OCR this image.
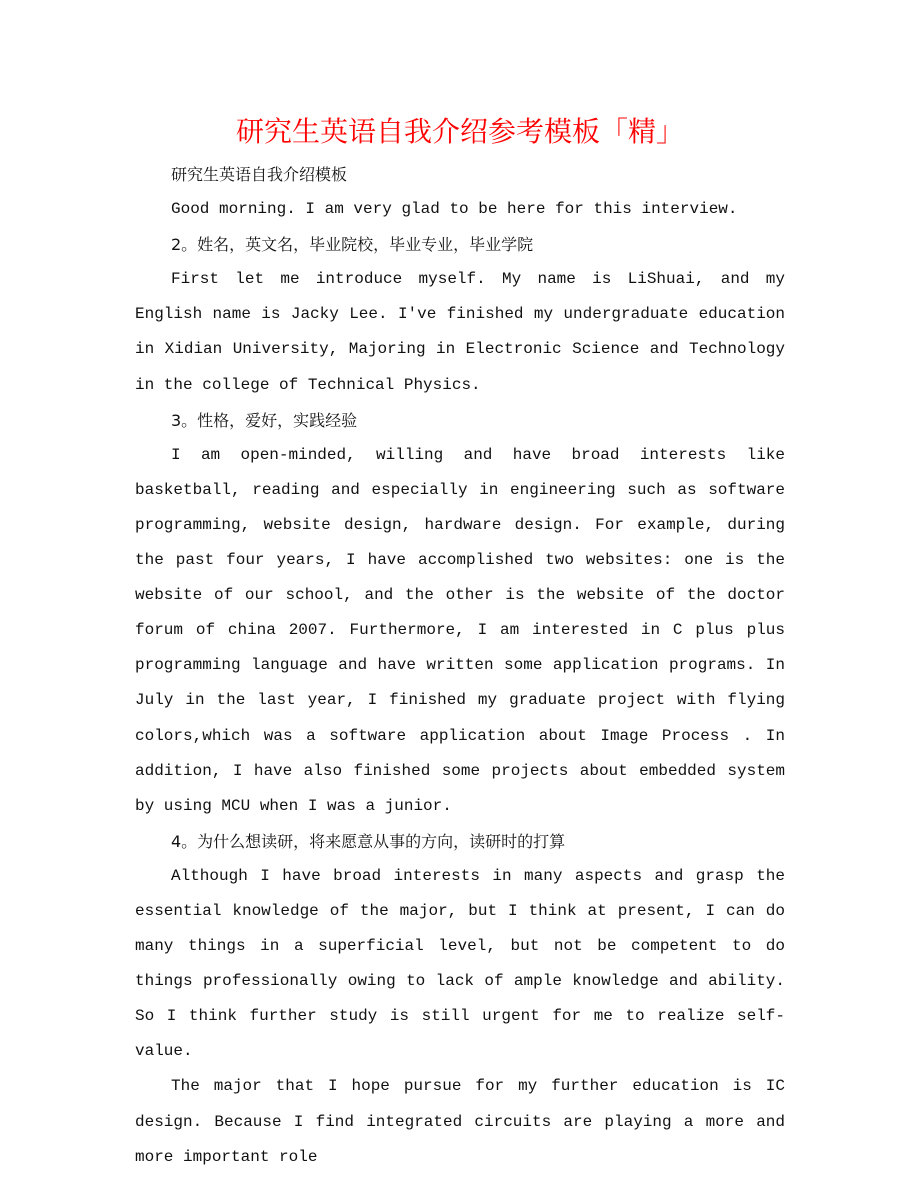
研究生英语自我介绍参考模板「精」

研究生英语自我介绍模板

Good morning. I am very glad to be here for this interview.

2。姓名，英文名，毕业院校，毕业专业，毕业学院

First let me introduce myself. My name is LiShuai, and my English name is Jacky Lee. I've finished my undergraduate education in Xidian University, Majoring in Electronic Science and Technology in the college of Technical Physics.

3。性格，爱好，实践经验

I am open-minded, willing and have broad interests like basketball, reading and especially in engineering such as software programming, website design, hardware design. For example, during the past four years, I have accomplished two websites: one is the website of our school, and the other is the website of the doctor forum of china 2007. Furthermore, I am interested in C plus plus programming language and have written some application programs. In July in the last year, I finished my graduate project with flying colors,which was a software application about Image Process . In addition, I have also finished some projects about embedded system by using MCU when I was a junior.

4。为什么想读研，将来愿意从事的方向，读研时的打算

Although I have broad interests in many aspects and grasp the essential knowledge of the major, but I think at present, I can do many things in a superficial level, but not be competent to do things professionally owing to lack of ample knowledge and ability. So I think further study is still urgent for me to realize self-value.

The major that I hope pursue for my further education is IC design. Because I find integrated circuits are playing a more and more important role
